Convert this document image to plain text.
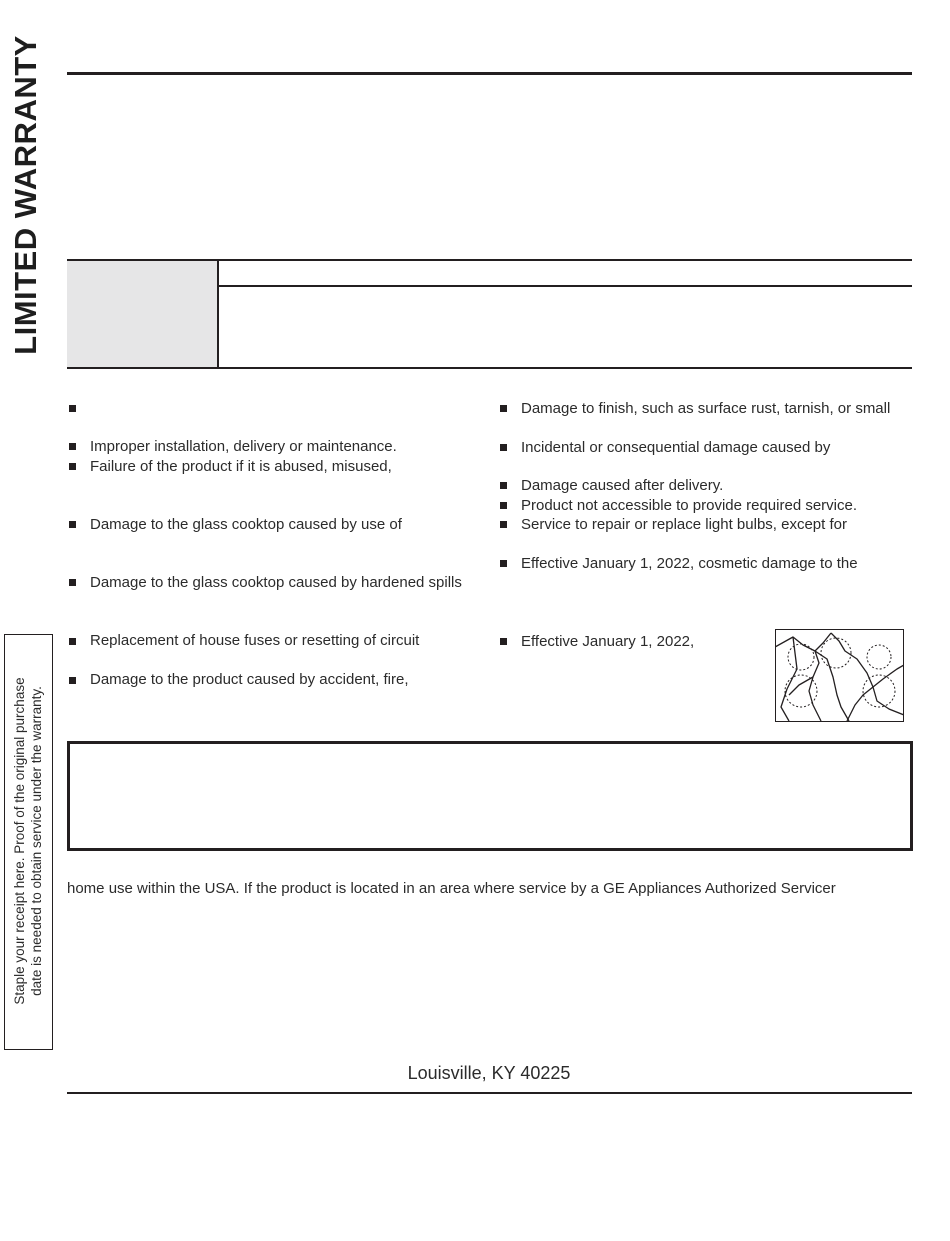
LIMITED WARRANTY
Improper installation, delivery or maintenance.
Failure of the product if it is abused, misused,
Damage to the glass cooktop caused by use of
Damage to the glass cooktop caused by hardened spills
Replacement of house fuses or resetting of circuit
Damage to the product caused by accident, fire,
Damage to finish, such as surface rust, tarnish, or small
Incidental or consequential damage caused by
Damage caused after delivery.
Product not accessible to provide required service.
Service to repair or replace light bulbs, except for
Effective January 1, 2022, cosmetic damage to the
Effective January 1, 2022,
home use within the USA. If the product is located in an area where service by a GE Appliances Authorized Servicer
Louisville, KY 40225
Staple your receipt here. Proof of the original purchase date is needed to obtain service under the warranty.
